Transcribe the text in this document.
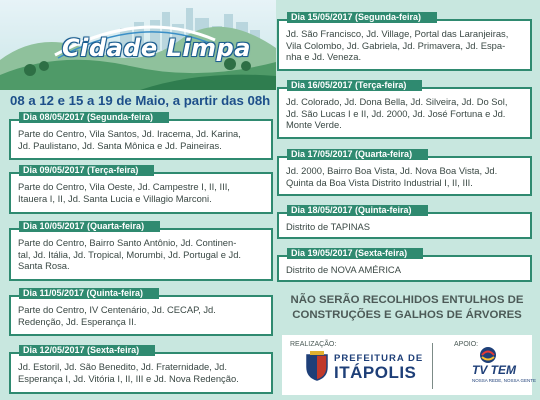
Cidade Limpa
08 a 12 e 15 a 19 de Maio, a partir das 08h
Dia 08/05/2017 (Segunda-feira)
Parte do Centro, Vila Santos, Jd. Iracema, Jd. Karina,
Jd. Paulistano, Jd. Santa Mônica e Jd. Paineiras.
Dia 09/05/2017 (Terça-feira)
Parte do Centro, Vila Oeste, Jd. Campestre I, II, III,
Itauera I, II, Jd. Santa Lucia e Villagio Marconi.
Dia 10/05/2017 (Quarta-feira)
Parte do Centro, Bairro Santo Antônio, Jd. Continen-
tal, Jd. Itália, Jd. Tropical, Morumbi, Jd. Portugal e Jd.
Santa Rosa.
Dia 11/05/2017 (Quinta-feira)
Parte do Centro, IV Centenário, Jd. CECAP, Jd.
Redenção, Jd. Esperança II.
Dia 12/05/2017 (Sexta-feira)
Jd. Estoril, Jd. São Benedito, Jd. Fraternidade, Jd.
Esperança I, Jd. Vitória I, II, III e Jd. Nova Redenção.
Dia 15/05/2017 (Segunda-feira)
Jd. São Francisco, Jd. Village, Portal das Laranjeiras,
Vila Colombo, Jd. Gabriela, Jd. Primavera, Jd. Espa-
nha e Jd. Veneza.
Dia 16/05/2017 (Terça-feira)
Jd. Colorado, Jd. Dona Bella, Jd. Silveira, Jd. Do Sol,
Jd. São Lucas I e II, Jd. 2000, Jd. José Fortuna e Jd.
Monte Verde.
Dia 17/05/2017 (Quarta-feira)
Jd. 2000, Bairro Boa Vista, Jd. Nova Boa Vista, Jd.
Quinta da Boa Vista Distrito Industrial I, II, III.
Dia 18/05/2017 (Quinta-feira)
Distrito de TAPINAS
Dia 19/05/2017 (Sexta-feira)
Distrito de NOVA AMÉRICA
NÃO SERÃO RECOLHIDOS ENTULHOS DE
CONSTRUÇÕES E GALHOS DE ÁRVORES
REALIZAÇÃO:
PREFEITURA DE
ITÁPOLIS
APOIO:
TV TEM
NOSSA REDE, NOSSA GENTE
